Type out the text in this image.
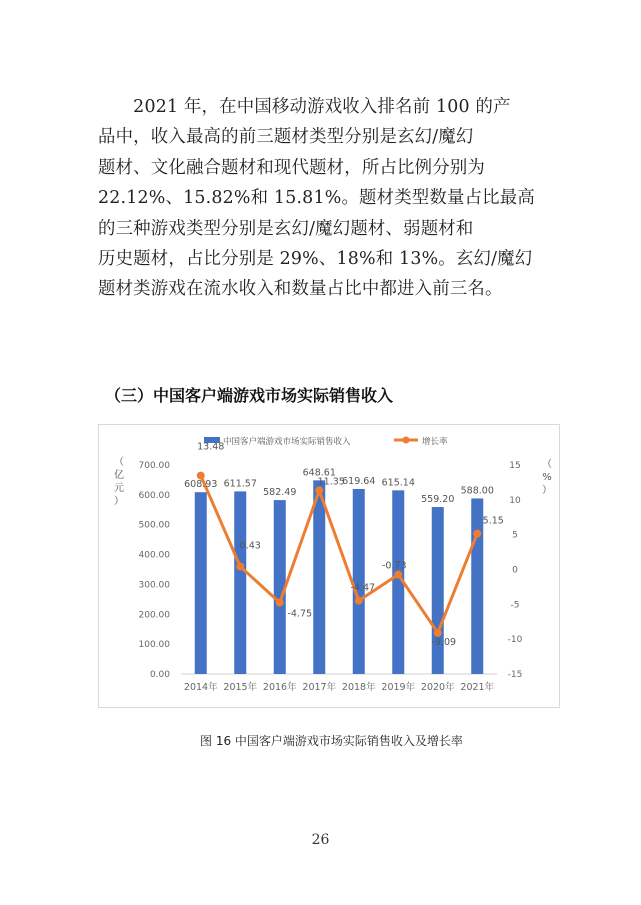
　　2021 年，在中国移动游戏收入排名前 100 的产
品中，收入最高的前三题材类型分别是玄幻/魔幻
题材、文化融合题材和现代题材，所占比例分别为
22.12%、15.82%和 15.81%。题材类型数量占比最高
的三种游戏类型分别是玄幻/魔幻题材、弱题材和
历史题材，占比分别是 29%、18%和 13%。玄幻/魔幻
题材类游戏在流水收入和数量占比中都进入前三名。
（三）中国客户端游戏市场实际销售收入
中国客户端游戏市场实际销售收入	增长率
（
亿
元
）
（
%
）
0.00
100.00
200.00
300.00
400.00
500.00
600.00
700.00
-15
-10
-5
0
5
10
15
2014年 2015年 2016年 2017年 2018年 2019年 2020年 2021年
608.93 611.57
582.49
648.61
619.64 615.14
559.20
588.00
13.48
0.43
-4.75
11.35
-4.47
-0.73
-9.09
5.15
图 16 中国客户端游戏市场实际销售收入及增长率
26
